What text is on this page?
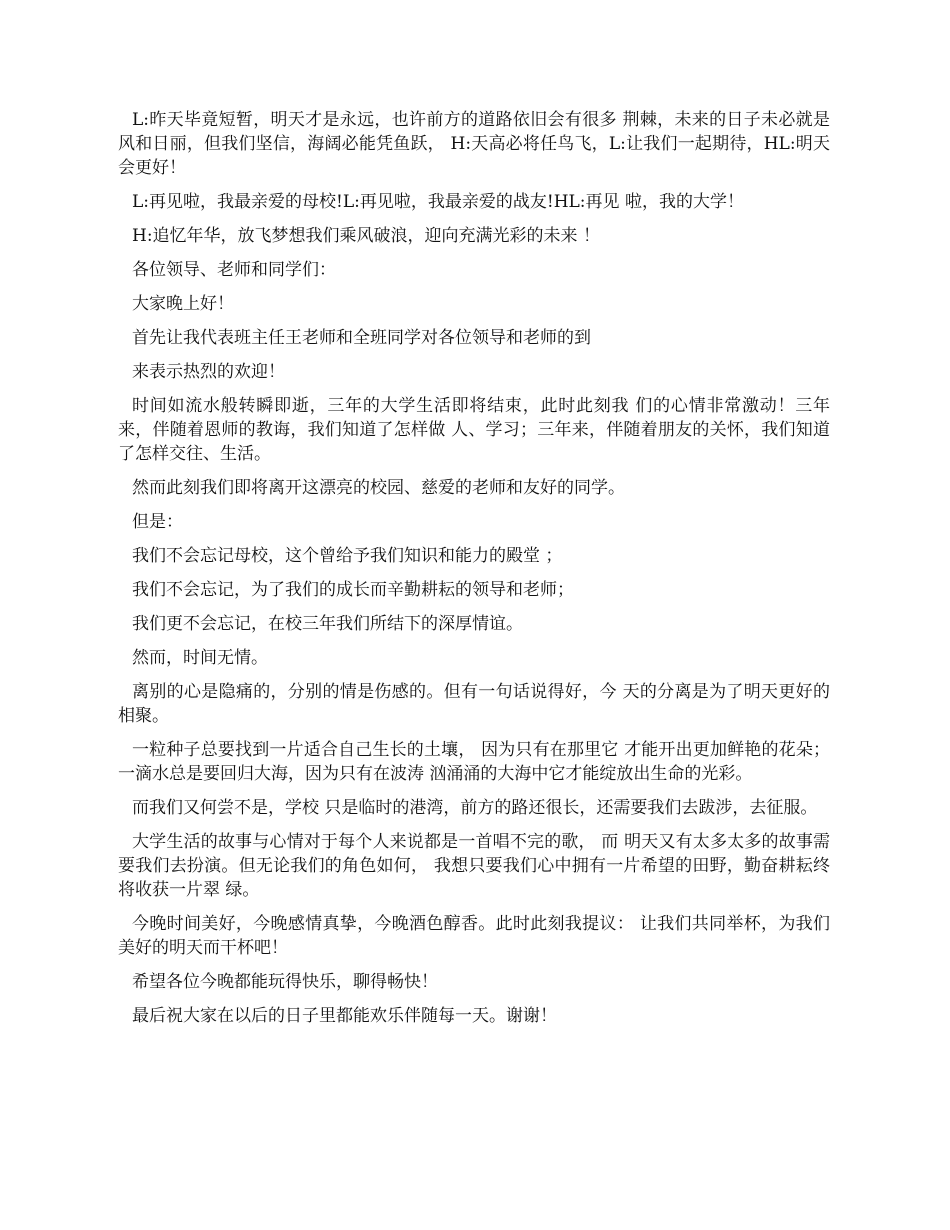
L:昨天毕竟短暂，明天才是永远，也许前方的道路依旧会有很多 荆棘，未来的日子未必就是风和日丽，但我们坚信，海阔必能凭鱼跃， H:天高必将任鸟飞，L:让我们一起期待，HL:明天会更好！

L:再见啦，我最亲爱的母校!L:再见啦，我最亲爱的战友!HL:再见 啦，我的大学！

H:追忆年华，放飞梦想我们乘风破浪，迎向充满光彩的未来 ！

各位领导、老师和同学们：

大家晚上好！

首先让我代表班主任王老师和全班同学对各位领导和老师的到

来表示热烈的欢迎！

时间如流水般转瞬即逝，三年的大学生活即将结束，此时此刻我 们的心情非常激动！三年来，伴随着恩师的教诲，我们知道了怎样做 人、学习；三年来，伴随着朋友的关怀，我们知道了怎样交往、生活。

然而此刻我们即将离开这漂亮的校园、慈爱的老师和友好的同学。

但是：

我们不会忘记母校，这个曾给予我们知识和能力的殿堂 ；

我们不会忘记，为了我们的成长而辛勤耕耘的领导和老师；

我们更不会忘记，在校三年我们所结下的深厚情谊。

然而，时间无情。

离别的心是隐痛的，分别的情是伤感的。但有一句话说得好，今 天的分离是为了明天更好的相聚。

一粒种子总要找到一片适合自己生长的土壤， 因为只有在那里它 才能开出更加鲜艳的花朵；一滴水总是要回归大海，因为只有在波涛 汹涌涌的大海中它才能绽放出生命的光彩。

而我们又何尝不是，学校 只是临时的港湾，前方的路还很长，还需要我们去跋涉，去征服。

大学生活的故事与心情对于每个人来说都是一首唱不完的歌， 而 明天又有太多太多的故事需要我们去扮演。但无论我们的角色如何， 我想只要我们心中拥有一片希望的田野，勤奋耕耘终将收获一片翠 绿。

今晚时间美好，今晚感情真挚，今晚酒色醇香。此时此刻我提议： 让我们共同举杯，为我们美好的明天而干杯吧！

希望各位今晚都能玩得快乐，聊得畅快！

最后祝大家在以后的日子里都能欢乐伴随每一天。谢谢！
